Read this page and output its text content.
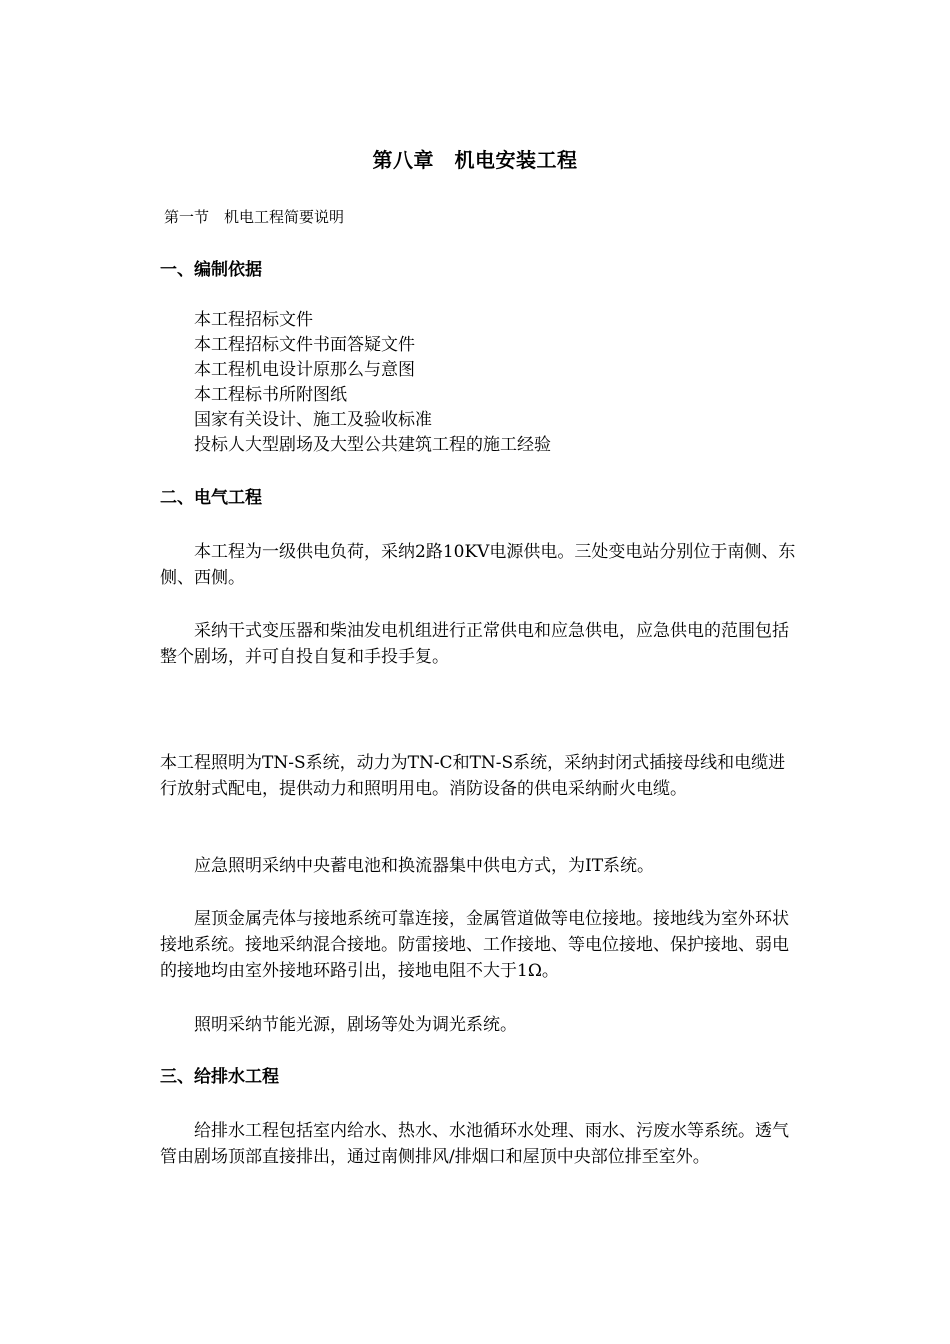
第八章　机电安装工程
第一节　机电工程简要说明
一、编制依据
本工程招标文件
本工程招标文件书面答疑文件
本工程机电设计原那么与意图
本工程标书所附图纸
国家有关设计、施工及验收标准
投标人大型剧场及大型公共建筑工程的施工经验
二、电气工程

本工程为一级供电负荷，采纳2路10KV电源供电。三处变电站分别位于南侧、东侧、西侧。

采纳干式变压器和柴油发电机组进行正常供电和应急供电，应急供电的范围包括整个剧场，并可自投自复和手投手复。

本工程照明为TN-S系统，动力为TN-C和TN-S系统，采纳封闭式插接母线和电缆进行放射式配电，提供动力和照明用电。消防设备的供电采纳耐火电缆。

应急照明采纳中央蓄电池和换流器集中供电方式，为IT系统。

屋顶金属壳体与接地系统可靠连接，金属管道做等电位接地。接地线为室外环状接地系统。接地采纳混合接地。防雷接地、工作接地、等电位接地、保护接地、弱电的接地均由室外接地环路引出，接地电阻不大于1Ω。

照明采纳节能光源，剧场等处为调光系统。

三、给排水工程

给排水工程包括室内给水、热水、水池循环水处理、雨水、污废水等系统。透气管由剧场顶部直接排出，通过南侧排风/排烟口和屋顶中央部位排至室外。
